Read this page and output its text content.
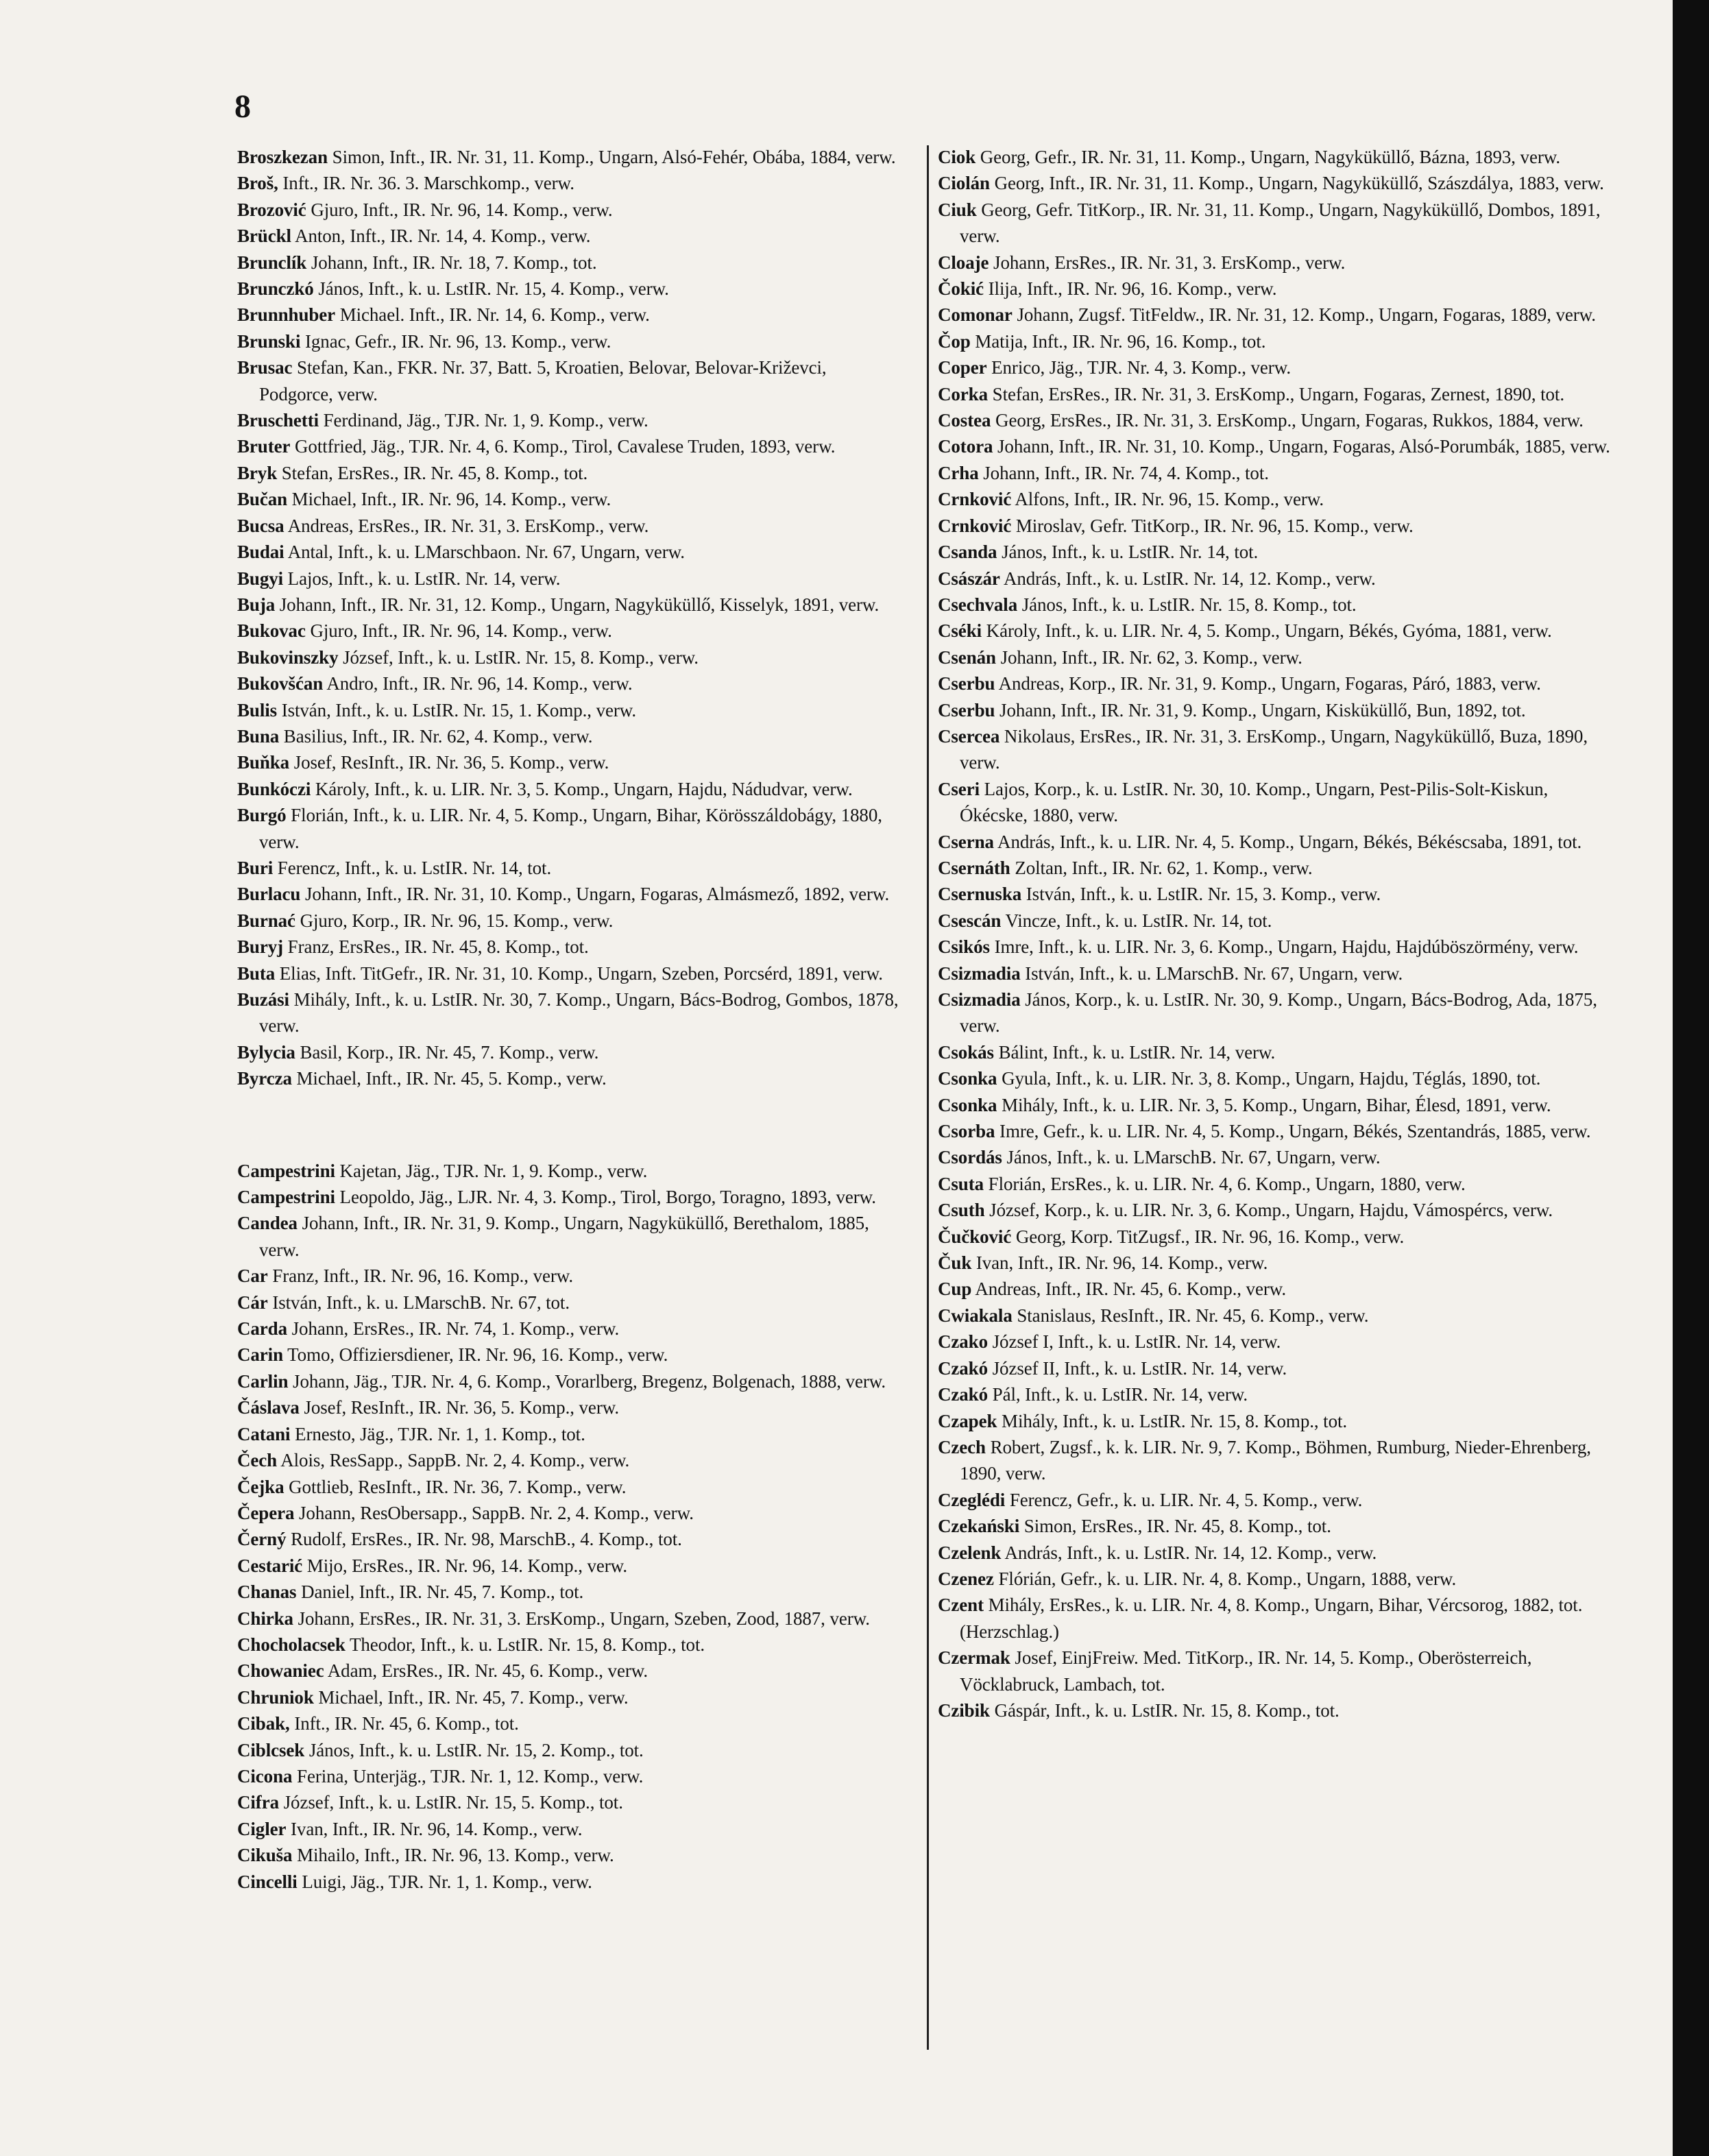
8
Broszkezan Simon, Inft., IR. Nr. 31, 11. Komp., Ungarn, Alsó-Fehér, Obába, 1884, verw.
Broš, Inft., IR. Nr. 36. 3. Marschkomp., verw.
Brozović Gjuro, Inft., IR. Nr. 96, 14. Komp., verw.
Brückl Anton, Inft., IR. Nr. 14, 4. Komp., verw.
Brunclík Johann, Inft., IR. Nr. 18, 7. Komp., tot.
Brunczkó János, Inft., k. u. LstIR. Nr. 15, 4. Komp., verw.
Brunnhuber Michael. Inft., IR. Nr. 14, 6. Komp., verw.
Brunski Ignac, Gefr., IR. Nr. 96, 13. Komp., verw.
Brusac Stefan, Kan., FKR. Nr. 37, Batt. 5, Kroatien, Belovar, Belovar-Križevci, Podgorce, verw.
Bruschetti Ferdinand, Jäg., TJR. Nr. 1, 9. Komp., verw.
Bruter Gottfried, Jäg., TJR. Nr. 4, 6. Komp., Tirol, Cavalese Truden, 1893, verw.
Bryk Stefan, ErsRes., IR. Nr. 45, 8. Komp., tot.
Bučan Michael, Inft., IR. Nr. 96, 14. Komp., verw.
Bucsa Andreas, ErsRes., IR. Nr. 31, 3. ErsKomp., verw.
Budai Antal, Inft., k. u. LMarschbaon. Nr. 67, Ungarn, verw.
Bugyi Lajos, Inft., k. u. LstIR. Nr. 14, verw.
Buja Johann, Inft., IR. Nr. 31, 12. Komp., Ungarn, Nagyküküllő, Kisselyk, 1891, verw.
Bukovac Gjuro, Inft., IR. Nr. 96, 14. Komp., verw.
Bukovinszky József, Inft., k. u. LstIR. Nr. 15, 8. Komp., verw.
Bukovšćan Andro, Inft., IR. Nr. 96, 14. Komp., verw.
Bulis István, Inft., k. u. LstIR. Nr. 15, 1. Komp., verw.
Buna Basilius, Inft., IR. Nr. 62, 4. Komp., verw.
Buňka Josef, ResInft., IR. Nr. 36, 5. Komp., verw.
Bunkóczi Károly, Inft., k. u. LIR. Nr. 3, 5. Komp., Ungarn, Hajdu, Nádudvar, verw.
Burgó Florián, Inft., k. u. LIR. Nr. 4, 5. Komp., Ungarn, Bihar, Körösszáldobágy, 1880, verw.
Buri Ferencz, Inft., k. u. LstIR. Nr. 14, tot.
Burlacu Johann, Inft., IR. Nr. 31, 10. Komp., Ungarn, Fogaras, Almásmező, 1892, verw.
Burnać Gjuro, Korp., IR. Nr. 96, 15. Komp., verw.
Buryj Franz, ErsRes., IR. Nr. 45, 8. Komp., tot.
Buta Elias, Inft. TitGefr., IR. Nr. 31, 10. Komp., Ungarn, Szeben, Porcsérd, 1891, verw.
Buzási Mihály, Inft., k. u. LstIR. Nr. 30, 7. Komp., Ungarn, Bács-Bodrog, Gombos, 1878, verw.
Bylycia Basil, Korp., IR. Nr. 45, 7. Komp., verw.
Byrcza Michael, Inft., IR. Nr. 45, 5. Komp., verw.
Campestrini Kajetan, Jäg., TJR. Nr. 1, 9. Komp., verw.
Campestrini Leopoldo, Jäg., LJR. Nr. 4, 3. Komp., Tirol, Borgo, Toragno, 1893, verw.
Candea Johann, Inft., IR. Nr. 31, 9. Komp., Ungarn, Nagyküküllő, Berethalom, 1885, verw.
Car Franz, Inft., IR. Nr. 96, 16. Komp., verw.
Cár István, Inft., k. u. LMarschB. Nr. 67, tot.
Carda Johann, ErsRes., IR. Nr. 74, 1. Komp., verw.
Carin Tomo, Offiziersdiener, IR. Nr. 96, 16. Komp., verw.
Carlin Johann, Jäg., TJR. Nr. 4, 6. Komp., Vorarlberg, Bregenz, Bolgenach, 1888, verw.
Čáslava Josef, ResInft., IR. Nr. 36, 5. Komp., verw.
Catani Ernesto, Jäg., TJR. Nr. 1, 1. Komp., tot.
Čech Alois, ResSapp., SappB. Nr. 2, 4. Komp., verw.
Čejka Gottlieb, ResInft., IR. Nr. 36, 7. Komp., verw.
Čepera Johann, ResObersapp., SappB. Nr. 2, 4. Komp., verw.
Černý Rudolf, ErsRes., IR. Nr. 98, MarschB., 4. Komp., tot.
Cestarić Mijo, ErsRes., IR. Nr. 96, 14. Komp., verw.
Chanas Daniel, Inft., IR. Nr. 45, 7. Komp., tot.
Chirka Johann, ErsRes., IR. Nr. 31, 3. ErsKomp., Ungarn, Szeben, Zood, 1887, verw.
Chocholacsek Theodor, Inft., k. u. LstIR. Nr. 15, 8. Komp., tot.
Chowaniec Adam, ErsRes., IR. Nr. 45, 6. Komp., verw.
Chruniok Michael, Inft., IR. Nr. 45, 7. Komp., verw.
Cibak, Inft., IR. Nr. 45, 6. Komp., tot.
Ciblcsek János, Inft., k. u. LstIR. Nr. 15, 2. Komp., tot.
Cicona Ferina, Unterjäg., TJR. Nr. 1, 12. Komp., verw.
Cifra József, Inft., k. u. LstIR. Nr. 15, 5. Komp., tot.
Cigler Ivan, Inft., IR. Nr. 96, 14. Komp., verw.
Cikuša Mihailo, Inft., IR. Nr. 96, 13. Komp., verw.
Cincelli Luigi, Jäg., TJR. Nr. 1, 1. Komp., verw.
Ciok Georg, Gefr., IR. Nr. 31, 11. Komp., Ungarn, Nagyküküllő, Bázna, 1893, verw.
Ciolán Georg, Inft., IR. Nr. 31, 11. Komp., Ungarn, Nagyküküllő, Szászdálya, 1883, verw.
Ciuk Georg, Gefr. TitKorp., IR. Nr. 31, 11. Komp., Ungarn, Nagyküküllő, Dombos, 1891, verw.
Cloaje Johann, ErsRes., IR. Nr. 31, 3. ErsKomp., verw.
Čokić Ilija, Inft., IR. Nr. 96, 16. Komp., verw.
Comonar Johann, Zugsf. TitFeldw., IR. Nr. 31, 12. Komp., Ungarn, Fogaras, 1889, verw.
Čop Matija, Inft., IR. Nr. 96, 16. Komp., tot.
Coper Enrico, Jäg., TJR. Nr. 4, 3. Komp., verw.
Corka Stefan, ErsRes., IR. Nr. 31, 3. ErsKomp., Ungarn, Fogaras, Zernest, 1890, tot.
Costea Georg, ErsRes., IR. Nr. 31, 3. ErsKomp., Ungarn, Fogaras, Rukkos, 1884, verw.
Cotora Johann, Inft., IR. Nr. 31, 10. Komp., Ungarn, Fogaras, Alsó-Porumbák, 1885, verw.
Crha Johann, Inft., IR. Nr. 74, 4. Komp., tot.
Crnković Alfons, Inft., IR. Nr. 96, 15. Komp., verw.
Crnković Miroslav, Gefr. TitKorp., IR. Nr. 96, 15. Komp., verw.
Csanda János, Inft., k. u. LstIR. Nr. 14, tot.
Császár András, Inft., k. u. LstIR. Nr. 14, 12. Komp., verw.
Csechvala János, Inft., k. u. LstIR. Nr. 15, 8. Komp., tot.
Cséki Károly, Inft., k. u. LIR. Nr. 4, 5. Komp., Ungarn, Békés, Gyóma, 1881, verw.
Csenán Johann, Inft., IR. Nr. 62, 3. Komp., verw.
Cserbu Andreas, Korp., IR. Nr. 31, 9. Komp., Ungarn, Fogaras, Páró, 1883, verw.
Cserbu Johann, Inft., IR. Nr. 31, 9. Komp., Ungarn, Kisküküllő, Bun, 1892, tot.
Csercea Nikolaus, ErsRes., IR. Nr. 31, 3. ErsKomp., Ungarn, Nagyküküllő, Buza, 1890, verw.
Cseri Lajos, Korp., k. u. LstIR. Nr. 30, 10. Komp., Ungarn, Pest-Pilis-Solt-Kiskun, Ókécske, 1880, verw.
Cserna András, Inft., k. u. LIR. Nr. 4, 5. Komp., Ungarn, Békés, Békéscsaba, 1891, tot.
Csernáth Zoltan, Inft., IR. Nr. 62, 1. Komp., verw.
Csernuska István, Inft., k. u. LstIR. Nr. 15, 3. Komp., verw.
Csescán Vincze, Inft., k. u. LstIR. Nr. 14, tot.
Csikós Imre, Inft., k. u. LIR. Nr. 3, 6. Komp., Ungarn, Hajdu, Hajdúböszörmény, verw.
Csizmadia István, Inft., k. u. LMarschB. Nr. 67, Ungarn, verw.
Csizmadia János, Korp., k. u. LstIR. Nr. 30, 9. Komp., Ungarn, Bács-Bodrog, Ada, 1875, verw.
Csokás Bálint, Inft., k. u. LstIR. Nr. 14, verw.
Csonka Gyula, Inft., k. u. LIR. Nr. 3, 8. Komp., Ungarn, Hajdu, Téglás, 1890, tot.
Csonka Mihály, Inft., k. u. LIR. Nr. 3, 5. Komp., Ungarn, Bihar, Élesd, 1891, verw.
Csorba Imre, Gefr., k. u. LIR. Nr. 4, 5. Komp., Ungarn, Békés, Szentandrás, 1885, verw.
Csordás János, Inft., k. u. LMarschB. Nr. 67, Ungarn, verw.
Csuta Florián, ErsRes., k. u. LIR. Nr. 4, 6. Komp., Ungarn, 1880, verw.
Csuth József, Korp., k. u. LIR. Nr. 3, 6. Komp., Ungarn, Hajdu, Vámospércs, verw.
Čučković Georg, Korp. TitZugsf., IR. Nr. 96, 16. Komp., verw.
Čuk Ivan, Inft., IR. Nr. 96, 14. Komp., verw.
Cup Andreas, Inft., IR. Nr. 45, 6. Komp., verw.
Cwiakala Stanislaus, ResInft., IR. Nr. 45, 6. Komp., verw.
Czako József I, Inft., k. u. LstIR. Nr. 14, verw.
Czakó József II, Inft., k. u. LstIR. Nr. 14, verw.
Czakó Pál, Inft., k. u. LstIR. Nr. 14, verw.
Czapek Mihály, Inft., k. u. LstIR. Nr. 15, 8. Komp., tot.
Czech Robert, Zugsf., k. k. LIR. Nr. 9, 7. Komp., Böhmen, Rumburg, Nieder-Ehrenberg, 1890, verw.
Czeglédi Ferencz, Gefr., k. u. LIR. Nr. 4, 5. Komp., verw.
Czekański Simon, ErsRes., IR. Nr. 45, 8. Komp., tot.
Czelenk András, Inft., k. u. LstIR. Nr. 14, 12. Komp., verw.
Czenez Flórián, Gefr., k. u. LIR. Nr. 4, 8. Komp., Ungarn, 1888, verw.
Czent Mihály, ErsRes., k. u. LIR. Nr. 4, 8. Komp., Ungarn, Bihar, Vércsorog, 1882, tot. (Herzschlag.)
Czermak Josef, EinjFreiw. Med. TitKorp., IR. Nr. 14, 5. Komp., Oberösterreich, Vöcklabruck, Lambach, tot.
Czibik Gáspár, Inft., k. u. LstIR. Nr. 15, 8. Komp., tot.
